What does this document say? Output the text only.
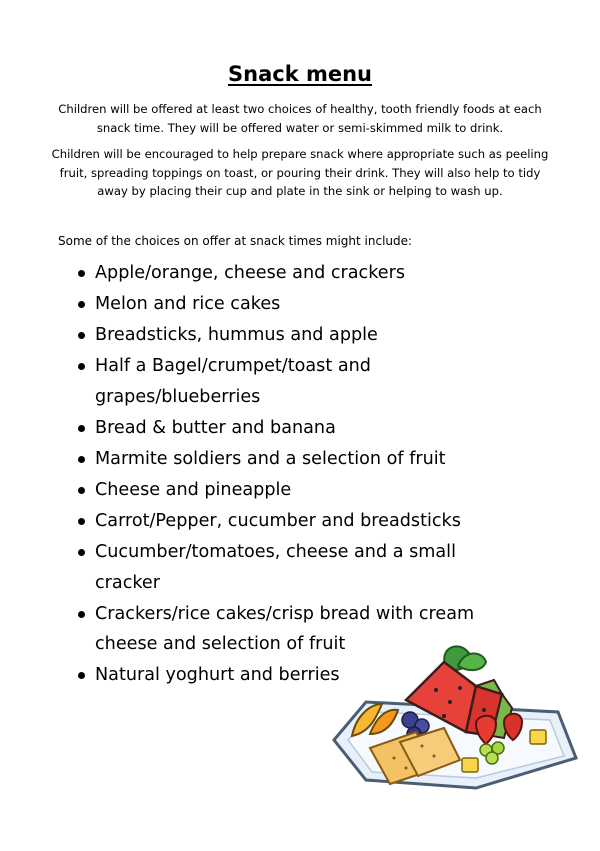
Snack menu

Children will be offered at least two choices of healthy, tooth friendly foods at each snack time. They will be offered water or semi-skimmed milk to drink.

Children will be encouraged to help prepare snack where appropriate such as peeling fruit, spreading toppings on toast, or pouring their drink. They will also help to tidy away by placing their cup and plate in the sink or helping to wash up.

Some of the choices on offer at snack times might include:
Apple/orange, cheese and crackers
Melon and rice cakes
Breadsticks, hummus and apple
Half a Bagel/crumpet/toast and grapes/blueberries
Bread & butter and banana
Marmite soldiers and a selection of fruit
Cheese and pineapple
Carrot/Pepper, cucumber and breadsticks
Cucumber/tomatoes, cheese and a small cracker
Crackers/rice cakes/crisp bread with cream cheese and selection of fruit
Natural yoghurt and berries
